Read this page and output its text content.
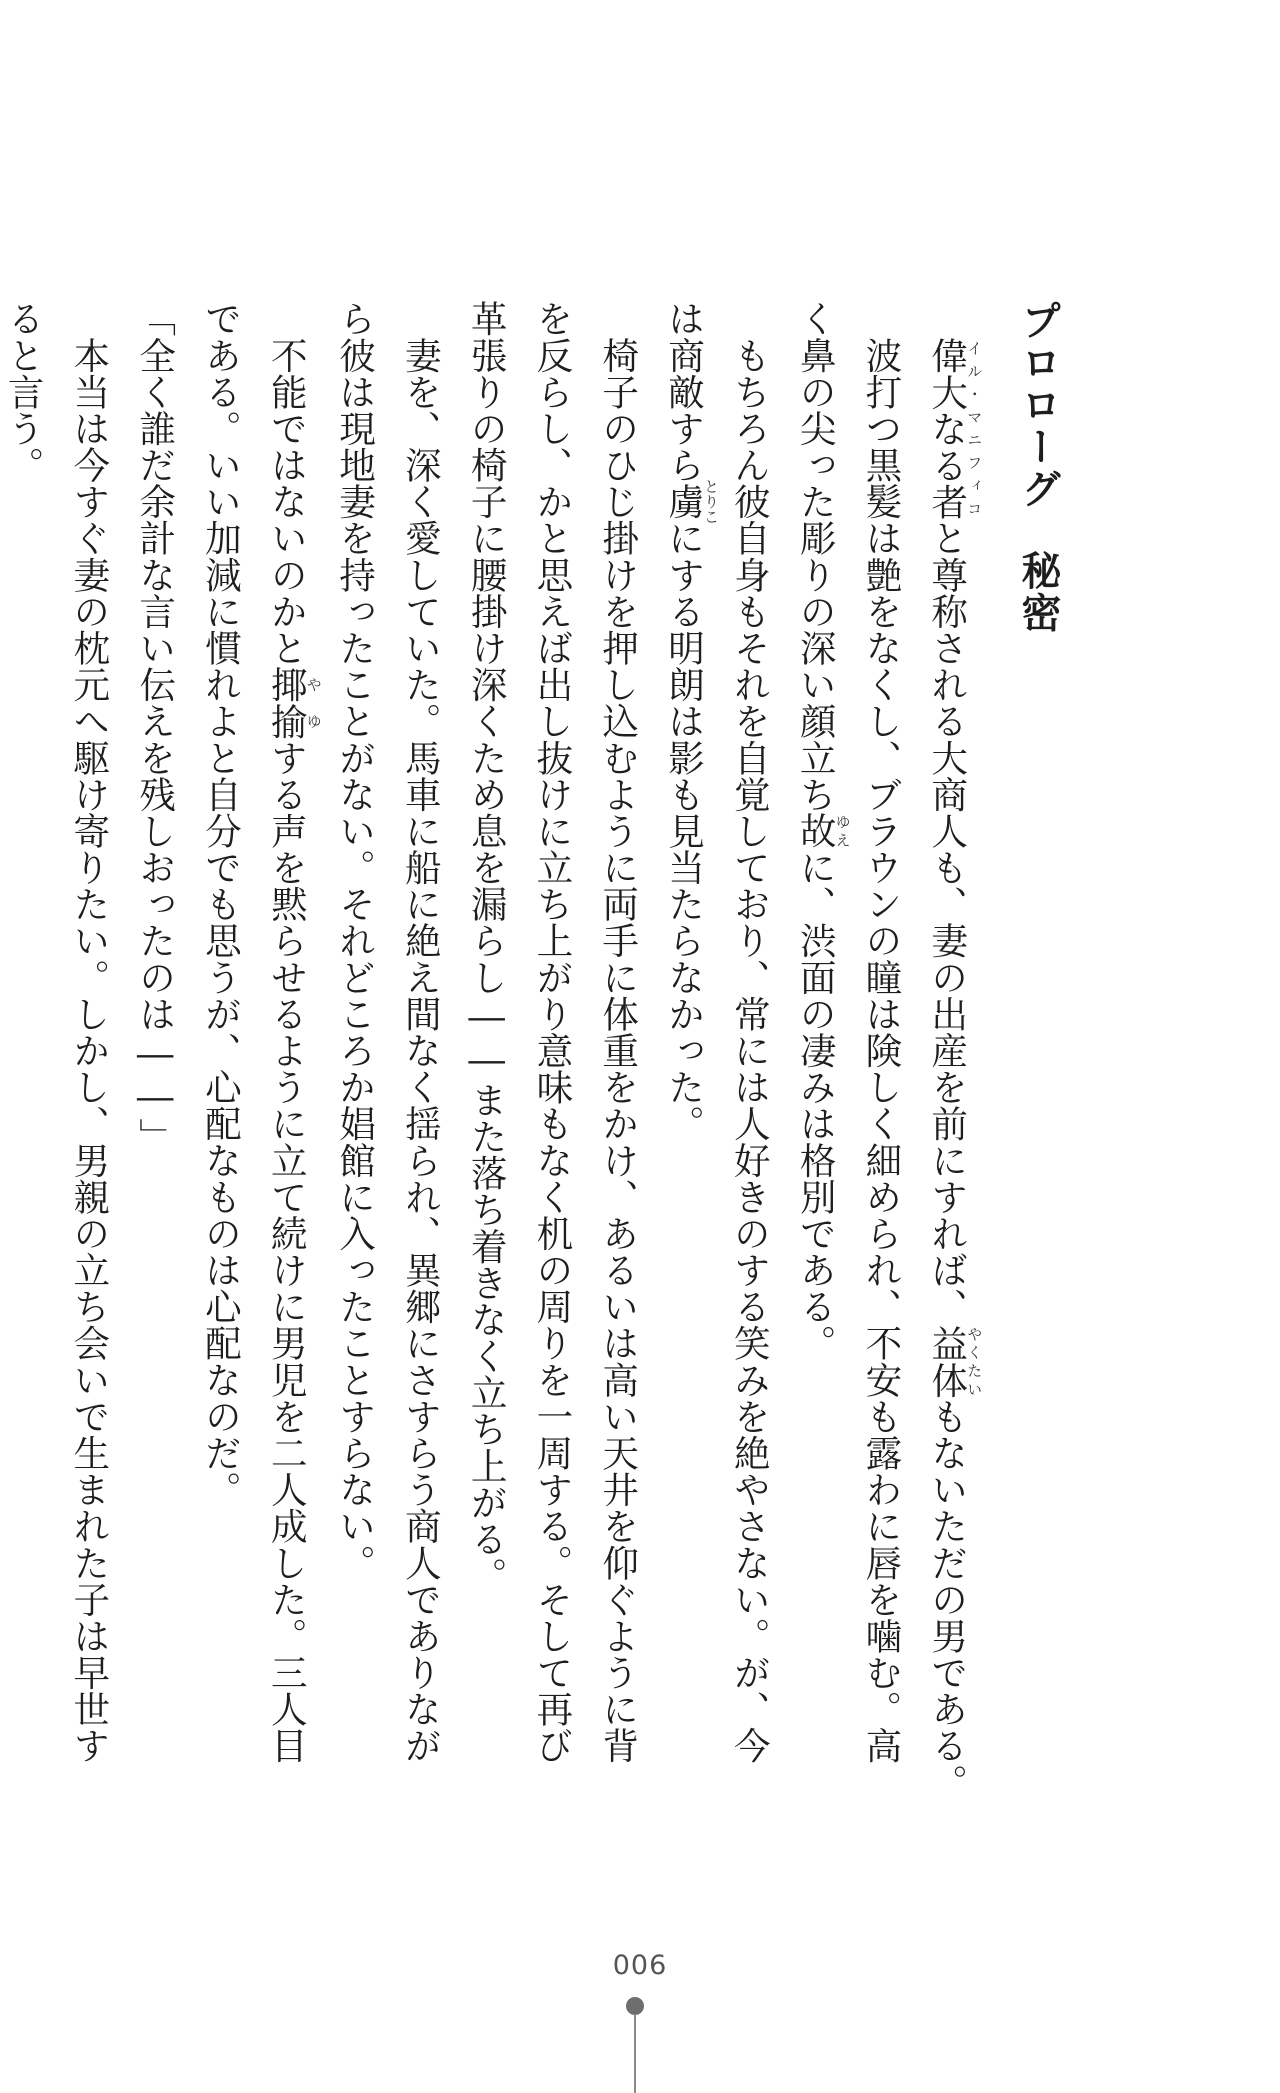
プロローグ秘密
　偉大なる者イル・マニフィコと尊称される大商人も、妻の出産を前にすれば、益体やくたいもないただの男である。
　波打つ黒髪は艶をなくし、ブラウンの瞳は険しく細められ、不安も露わに唇を噛む。高
く鼻の尖った彫りの深い顔立ち故ゆえに、渋面の凄みは格別である。
　もちろん彼自身もそれを自覚しており、常には人好きのする笑みを絶やさない。が、今
は商敵すら虜とりこにする明朗は影も見当たらなかった。
　椅子のひじ掛けを押し込むように両手に体重をかけ、あるいは高い天井を仰ぐように背
を反らし、かと思えば出し抜けに立ち上がり意味もなく机の周りを一周する。そして再び
革張りの椅子に腰掛け深くため息を漏らし――また落ち着きなく立ち上がる。
　妻を、深く愛していた。馬車に船に絶え間なく揺られ、異郷にさすらう商人でありなが
ら彼は現地妻を持ったことがない。それどころか娼館に入ったことすらない。
　不能ではないのかと揶揄やゆする声を黙らせるように立て続けに男児を二人成した。三人目
である。いい加減に慣れよと自分でも思うが、心配なものは心配なのだ。
「全く誰だ余計な言い伝えを残しおったのは――」
　本当は今すぐ妻の枕元へ駆け寄りたい。しかし、男親の立ち会いで生まれた子は早世す
ると言う。
006
